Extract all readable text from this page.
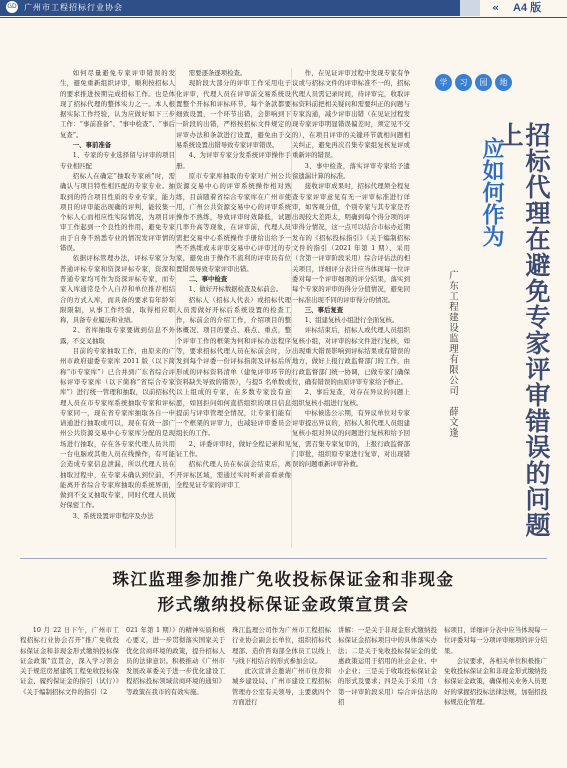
GD 广州市工程招标行业协会	« A4 版

如何尽量避免专家评审错误的发生，避免重新组织评审，顺利按招标人的要求推进按期完成招标工作。也是体现了招标代理的整体实力之一。本人根据实际工作经验，认为应做好如下三步工作：“事前准备”、“事中检查”、“事后复查”。

一、事前准备

1、专家的专业选择留与评审的项目专业相匹配

招标人在确定“抽取专家函”时，需确认与项目特性相匹配的专家专业。抽取到的符合项目性质的专业专家，能力项目的评审能出现确的评判，能较集一个标人心而相应性实际情况，为项目评审工作起到一个良性的作用，避免专家由于自身不熟悉专业的情况发评审情的错误。

依据评标管理办法，评标专家分为普通评标专家和资深评标专家，资深和普通专家均可作为资深评标专家，而专家入库通常是个人自荐和单位推荐相结合的方式入库，而具备的要求有年龄年限限制，从事工作经验，取得相应职称，具备专业履历和业绩。

2、省库抽取专家要做到信息不外露，不交叉抽取

目前的专家抽取工作，由原来的广州市政府建委专家库 2011 版（以下简称“市专家库”）已合并到广东省综合评标评审专家库（以下简称“省综合专家库”）进行统一管理和抽取，以前招标代理人员在市专家库系统抽取专家和评标专家同一，现在省专家库抽取各自一申请通进行抽取或可以，现在有效一部广州公共资源交易中心专家库分配的是现场进行抽取，存在各专家代理人员共用一台电脑或其他人员在线操作，有可能会造成专家信息泄漏，所以代理人员在抽取过程中，在专家未确认到位前，不能离开省综合专家库抽取的系统界面，做到不交叉抽取专家，同时代理人员做好保密工作。

3、系统设置评审程序及办法

需要逐条逐项检查。

现阶段大部分的评审工作采用电子化评审，代理人员在评审前交易系统设置整个开标和评标环节，每个条款都要细致设置，一个环节出错，会影响到下一阶段的出错，严格按招标文件规定的评审办法和条款进行设置，避免由于交易系统设置出错导致专家评审错误。

4、为评审专家分发系统评审操作手册。

原市专家库抽取的专家对广州公共资源交易中心的评审系统操作相对熟练，目前随着省综合专家库在广州市使用，广州公共资源交易中心的评审系统操作不熟练，导致评审时效降低，试题几率升高等现象，在评审前，代理人员需把交易中心系统操作手册给出给予一些不熟练或未评审交易中心评审过的专家，避免由于操作不流利的评审员有位置错误导致专家评审出错。

二、事中检查

1、做好开标数据检查及标前会。

招标人（招标人代表）或招标代理人员需做好开标后系统设置的检查工作，标前会的介绍工作，介绍项目的整体概况、项目的要点、难点、重点，整个评审工作的框架为何和评标办法程序等，要求招标代理人员在标前会时，分发到每个评委一份评标指南及评标后所形成的评标资料清单（建免评审环节的资料缺失导致的错误），与提5 名单数或以上组成的专家，在多数专家没有意愿，如回拒问如何直搭组织的项目信息提前与评审管理全情况，让专家们能有一个框架的评审力，也减轻评审委员会组长的工作。

2、评委评审时，做好全程记录和见证工作。

招标代理人员在标前会结束后，离开评标区域，需通过实时听录音看录像全程见证专家的评审工

作，在见证评审过程中发现专家有争议或与招标文件的评审标准不一的，招标代理人员需记录时间，待评审完，收取评标资料前把相关疑问和需要纠正的问题与专家沟通，减少评审出错（在见证过程发现专家评审明显错误偏差时，须定见不交的），在项目评审的关键环节就相问题相关纠正，避免再次召集专家组复核复评或重新评的错误。

3、事中检查，落实评审专家给予遗留遗漏计算的标准。

接收评审成果时，招标代理须全程复查专家评审意见有无一评审标准进行详审，如客观分值，个别专家与其专家是否出现较大差距太，明确到每个得分项的评审得分情况，这一点可以结合市标办近期发布的《招标投标指引》《关于编制招标文件的指引（2021 年第 1 期）、采用（含第一评审阶段采用）综合评估法的相关项目，详细评分表计应当体现每一位评委对每一个评审细项的评分结果，落实到每个专家的评审的得分分值情况，避免同一标准出现不同的评审得分的情况。

三、事后复查

1、组建复核小组进行全面复核。

评标结束后，招标人或代理人员组织复核小组，对评审的标文件进行复核，如出现重大错误影响到评标结果或有错误的地方，做好上报行政监督部门的工作，由行政监督部门统一协调，已做专家门确保位，确有错误的由原评审专家给予修正。

2、事后复查，对存在异议的问题上组织复核小组进行复核。

中标候选公示期，有异议单位对专家评审提出异议的，招标人和代理人员组建复核小组对异议的问题进行复核和给予回复，需召集专家复审的，上报行政监督部门审批，组织原专家进行复审，对出现错误的问题重新评审补救。

学 习 园 地
招标代理在避免专家评审错误的问题上
应如何作为
广东工程建设监理有限公司　薛文逢
珠江监理参加推广免收投标保证金和非现金
形式缴纳投标保证金政策宣贯会

10 月 22 日下午，广州市工程招标行业协会召开“推广免收投标保证金和非现金形式缴纳投标保证金政策”宣贯会，深入学习领会关于规范房屋建筑工程免收投标保证金、履约保证金的指引（试行）》《关于编制招标文件的指引（2

021 年第 1 期）》的精神实质和核心要义，进一步贯彻落实国家关于优化营商环境的政策，提升招标人员的法律意识。积极推动《广州市发展改革委关于进一步优化建设工程招标投标领域营商环境的通知》等政策在我市的有效实施。

珠江监理公司作为广州市工程招标行业协会副会长单位，组织招标代理部、造价咨询部全体员工以线上与线下相结合的形式参加会议。

此次宣讲会邀请广州市住房和城乡建设局、广州市建设工程招标管理办公室有关领导，主要就四个方面进行

讲解：一是关于非现金形式缴纳投标保证金招标项目中的具体落实办法；二是关于免收投标保证金的优惠政策运用于招用的社会企业、中小企业；三是关于收取投标保证金的形式及要求；四是关于采用（含第一评审阶段采用）综合评估法的招

标项目，详细评分表中应当体现每一位评委对每一分项评审细项的评分结果。

会议要求，各相关单位积极推广免收投标保证金和非现金形式缴纳投标保证金政策，确保相关业务人员更好的掌握招投标法律法规，加强招投标规范化管理。
